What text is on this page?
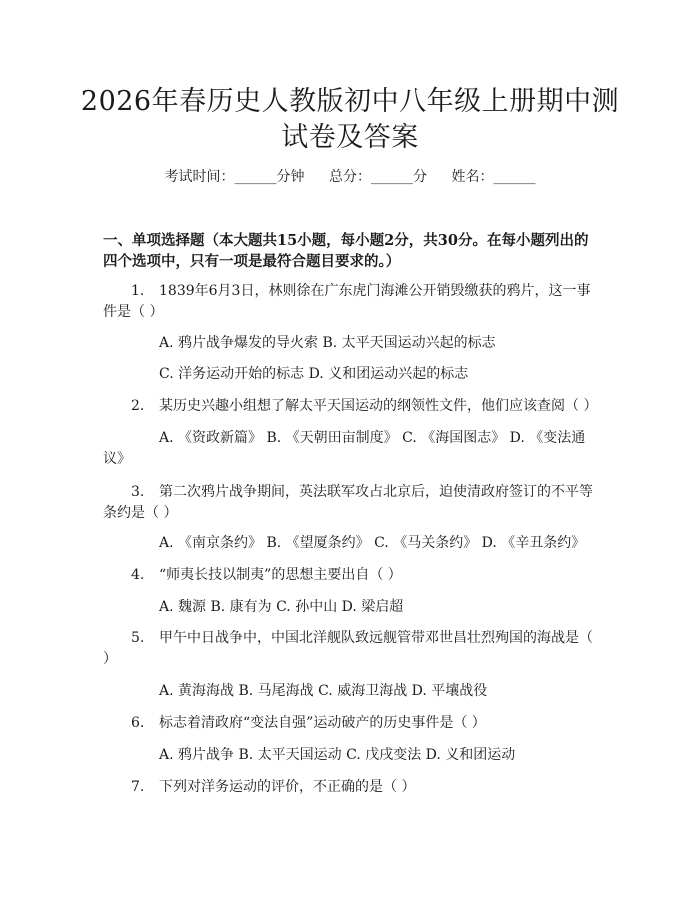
2026年春历史人教版初中八年级上册期中测
试卷及答案
考试时间：______分钟 总分：______分 姓名：______
一、单项选择题（本大题共15小题，每小题2分，共30分。在每小题列出的四个选项中，只有一项是最符合题目要求的。）
1. 1839年6月3日，林则徐在广东虎门海滩公开销毁缴获的鸦片，这一事件是（ ）
A. 鸦片战争爆发的导火索 B. 太平天国运动兴起的标志
C. 洋务运动开始的标志 D. 义和团运动兴起的标志
2. 某历史兴趣小组想了解太平天国运动的纲领性文件，他们应该查阅（ ）
A. 《资政新篇》 B. 《天朝田亩制度》 C. 《海国图志》 D. 《变法通议》
3. 第二次鸦片战争期间，英法联军攻占北京后，迫使清政府签订的不平等条约是（ ）
A. 《南京条约》 B. 《望厦条约》 C. 《马关条约》 D. 《辛丑条约》
4. “师夷长技以制夷”的思想主要出自（ ）
A. 魏源 B. 康有为 C. 孙中山 D. 梁启超
5. 甲午中日战争中，中国北洋舰队致远舰管带邓世昌壮烈殉国的海战是（ ）
A. 黄海海战 B. 马尾海战 C. 威海卫海战 D. 平壤战役
6. 标志着清政府“变法自强”运动破产的历史事件是（ ）
A. 鸦片战争 B. 太平天国运动 C. 戊戌变法 D. 义和团运动
7. 下列对洋务运动的评价，不正确的是（ ）
